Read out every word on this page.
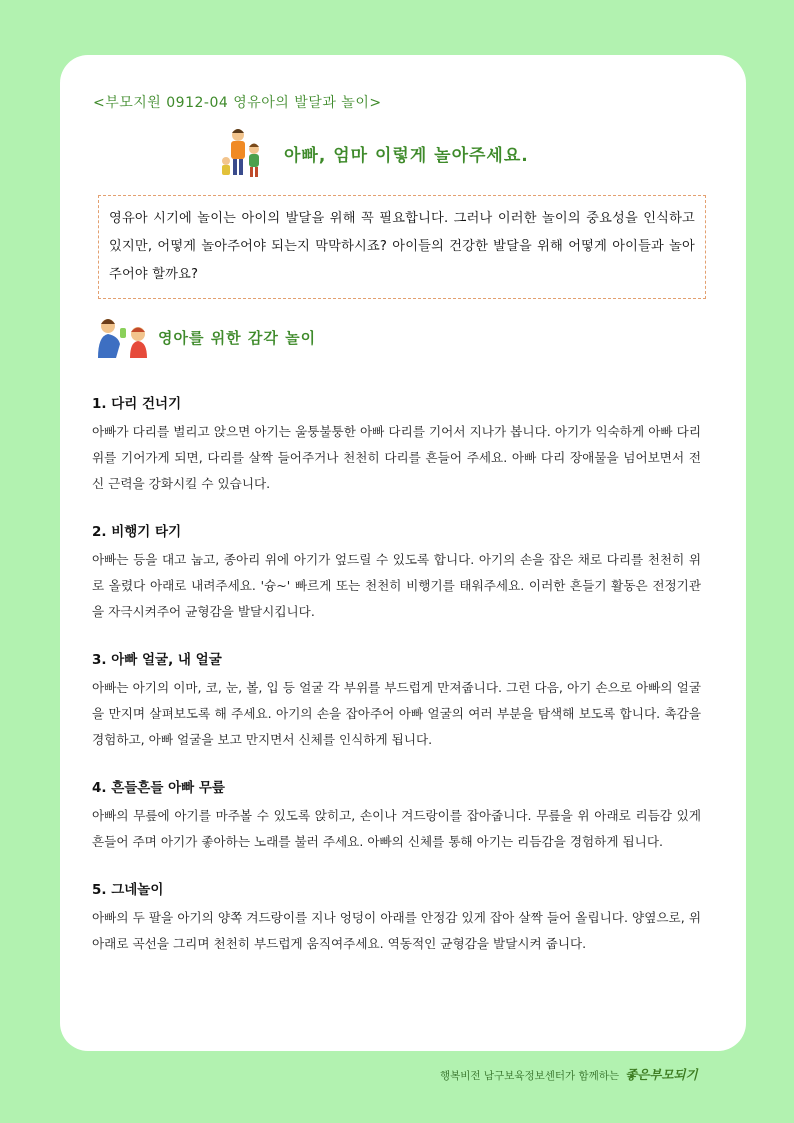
<부모지원 0912-04 영유아의 발달과 놀이>
아빠, 엄마 이렇게 놀아주세요.

영유아 시기에 놀이는 아이의 발달을 위해 꼭 필요합니다. 그러나 이러한 놀이의 중요성을 인식하고 있지만, 어떻게 놀아주어야 되는지 막막하시죠? 아이들의 건강한 발달을 위해 어떻게 아이들과 놀아주어야 할까요?

영아를 위한 감각 놀이
1. 다리 건너기

아빠가 다리를 벌리고 앉으면 아기는 울퉁불퉁한 아빠 다리를 기어서 지나가 봅니다. 아기가 익숙하게 아빠 다리 위를 기어가게 되면, 다리를 살짝 들어주거나 천천히 다리를 흔들어 주세요. 아빠 다리 장애물을 넘어보면서 전신 근력을 강화시킬 수 있습니다.

2. 비행기 타기

아빠는 등을 대고 눕고, 종아리 위에 아기가 엎드릴 수 있도록 합니다. 아기의 손을 잡은 채로 다리를 천천히 위로 올렸다 아래로 내려주세요. '슝~' 빠르게 또는 천천히 비행기를 태워주세요. 이러한 흔들기 활동은 전정기관을 자극시켜주어 균형감을 발달시킵니다.

3. 아빠 얼굴, 내 얼굴

아빠는 아기의 이마, 코, 눈, 볼, 입 등 얼굴 각 부위를 부드럽게 만져줍니다. 그런 다음, 아기 손으로 아빠의 얼굴을 만지며 살펴보도록 해 주세요. 아기의 손을 잡아주어 아빠 얼굴의 여러 부분을 탐색해 보도록 합니다. 촉감을 경험하고, 아빠 얼굴을 보고 만지면서 신체를 인식하게 됩니다.

4. 흔들흔들 아빠 무릎

아빠의 무릎에 아기를 마주볼 수 있도록 앉히고, 손이나 겨드랑이를 잡아줍니다. 무릎을 위 아래로 리듬감 있게 흔들어 주며 아기가 좋아하는 노래를 불러 주세요. 아빠의 신체를 통해 아기는 리듬감을 경험하게 됩니다.

5. 그네놀이

아빠의 두 팔을 아기의 양쪽 겨드랑이를 지나 엉덩이 아래를 안정감 있게 잡아 살짝 들어 올립니다. 양옆으로, 위아래로 곡선을 그리며 천천히 부드럽게 움직여주세요. 역동적인 균형감을 발달시켜 줍니다.

행복비전 남구보육정보센터가 함께하는 좋은부모되기
